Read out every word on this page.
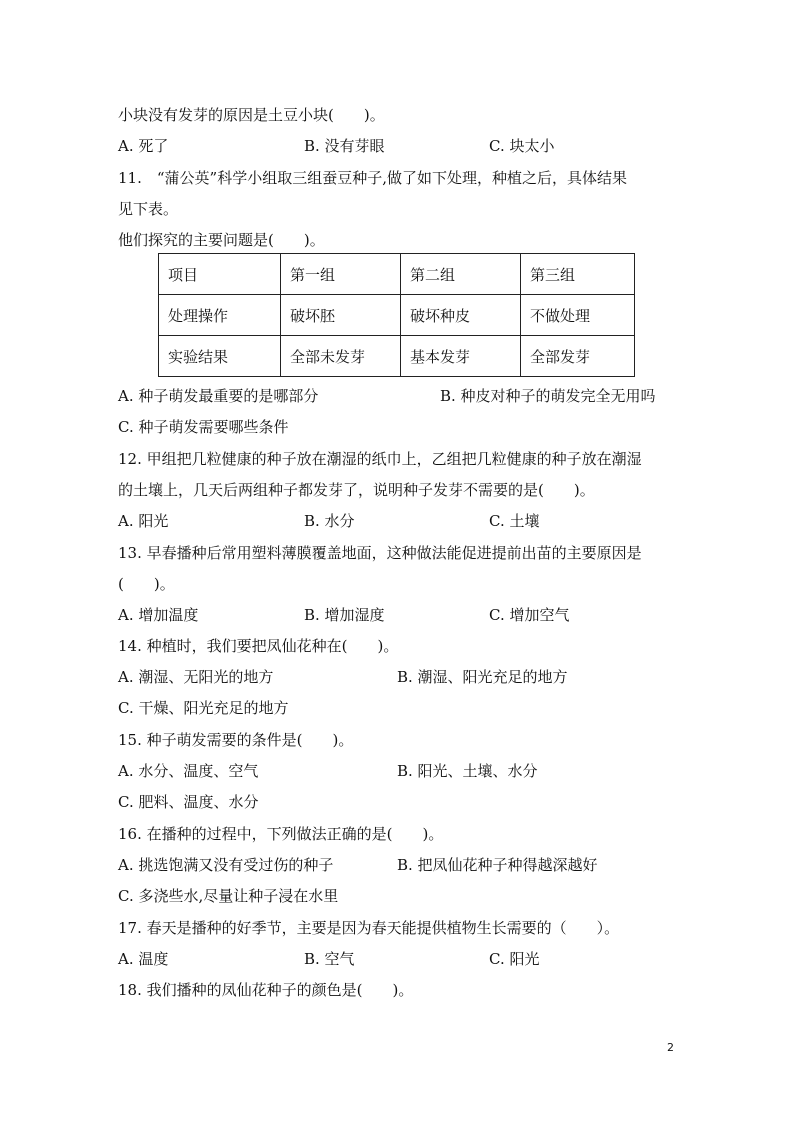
小块没有发芽的原因是土豆小块(　　)。
A. 死了	B. 没有芽眼	C. 块太小
11.　“蒲公英”科学小组取三组蚕豆种子,做了如下处理，种植之后，具体结果
见下表。
他们探究的主要问题是(　　)。
项目	第一组	第二组	第三组
处理操作	破坏胚	破坏种皮	不做处理
实验结果	全部未发芽	基本发芽	全部发芽
A. 种子萌发最重要的是哪部分	B. 种皮对种子的萌发完全无用吗
C. 种子萌发需要哪些条件
12. 甲组把几粒健康的种子放在潮湿的纸巾上，乙组把几粒健康的种子放在潮湿
的土壤上，几天后两组种子都发芽了，说明种子发芽不需要的是(　　)。
A. 阳光	B. 水分	C. 土壤
13. 早春播种后常用塑料薄膜覆盖地面，这种做法能促进提前出苗的主要原因是
(　　)。
A. 增加温度	B. 增加湿度	C. 增加空气
14. 种植时，我们要把凤仙花种在(　　)。
A. 潮湿、无阳光的地方	B. 潮湿、阳光充足的地方
C. 干燥、阳光充足的地方
15. 种子萌发需要的条件是(　　)。
A. 水分、温度、空气	B. 阳光、土壤、水分
C. 肥料、温度、水分
16. 在播种的过程中，下列做法正确的是(　　)。
A. 挑选饱满又没有受过伤的种子	B. 把凤仙花种子种得越深越好
C. 多浇些水,尽量让种子浸在水里
17. 春天是播种的好季节，主要是因为春天能提供植物生长需要的（　　）。
A. 温度	B. 空气	C. 阳光
18. 我们播种的凤仙花种子的颜色是(　　)。
2
